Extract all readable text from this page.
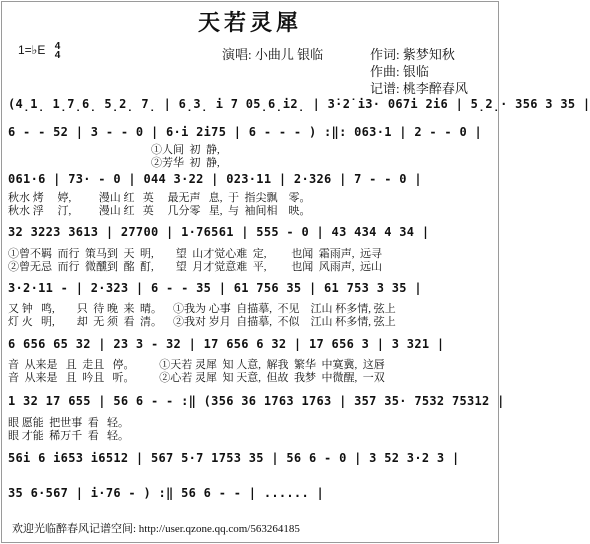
天若灵犀
1=♭E 4
4	演唱: 小曲儿 银临	作词: 紫梦知秋
作曲: 银临
记谱: 桃李醉春风
(4̣1̣ 1̣7̣6̣ 5̣2̣ 7̣ | 6̣3̣ i 7 05̣6̣i2̣ | 3̇·2̇ i3· 067i 2i6 | 5̣2̣· 356 3 35 |
6 - - 52 | 3 - - 0 | 6·i 2i75 | 6 - - - ) :‖: 063·1 | 2 - - 0 |
①人间  初  静,
②芳华  初  静,
061·6 | 73· - 0 | 044 3·22 | 023·11 | 2·326 | 7 - - 0 |
秋水 烤     婷,          漫山 红   英     最无声   息,  于  指尖飘    零。
秋水 浮     汀,          漫山 红   英     几分零   星,  与  袖间相    映。
32 3223 3613 | 27700 | 1·76561 | 555 - 0 | 43 434 4 34 |
①曾不羁  而行  策马到  天  明,        望  山才觉心难  定,         也闻  霜雨声,  远寻
②曾无忌  而行  微醺到  酩  酊,        望  月才觉意难  平,         也闻  风雨声,  远山
3·2·11 - | 2·323 | 6 - - 35 | 61 756 35 | 61 753 3 35 |
又 钟   鸣,        只  待 晚  来  晴。    ①我为 心事  自描摹,  不见    江山 杯多情, 弦上
灯 火   明,        却  无 须  看  清。    ②我对 岁月  自描摹,  不似    江山 杯多情, 弦上
6 656 65 32 | 23 3 - 32 | 17 656 6 32 | 17 656 3 | 3 321 |
音  从来是   且  走且   停。         ①天若 灵犀  知 人意,  解我  繁华  中寞冀,  这唇
音  从来是   且  吟且   听。         ②心若 灵犀  知 天意,  但故  我梦  中微醒,  一双
1 32 17 655 | 56 6 - - :‖ (356 36 1763 1763 | 357 35· 7532 75312 |
眼 愿能  把世事  看   轻。
眼 才能  稀万千  看   轻。
56i 6 i653 i6512 | 567 5·7 1753 35 | 56 6 - 0 | 3 52 3·2 3 |
35 6·567 | i·76 - ) :‖ 56 6 - - | ...... |
欢迎光临醉春风记谱空间: http://user.qzone.qq.com/563264185
